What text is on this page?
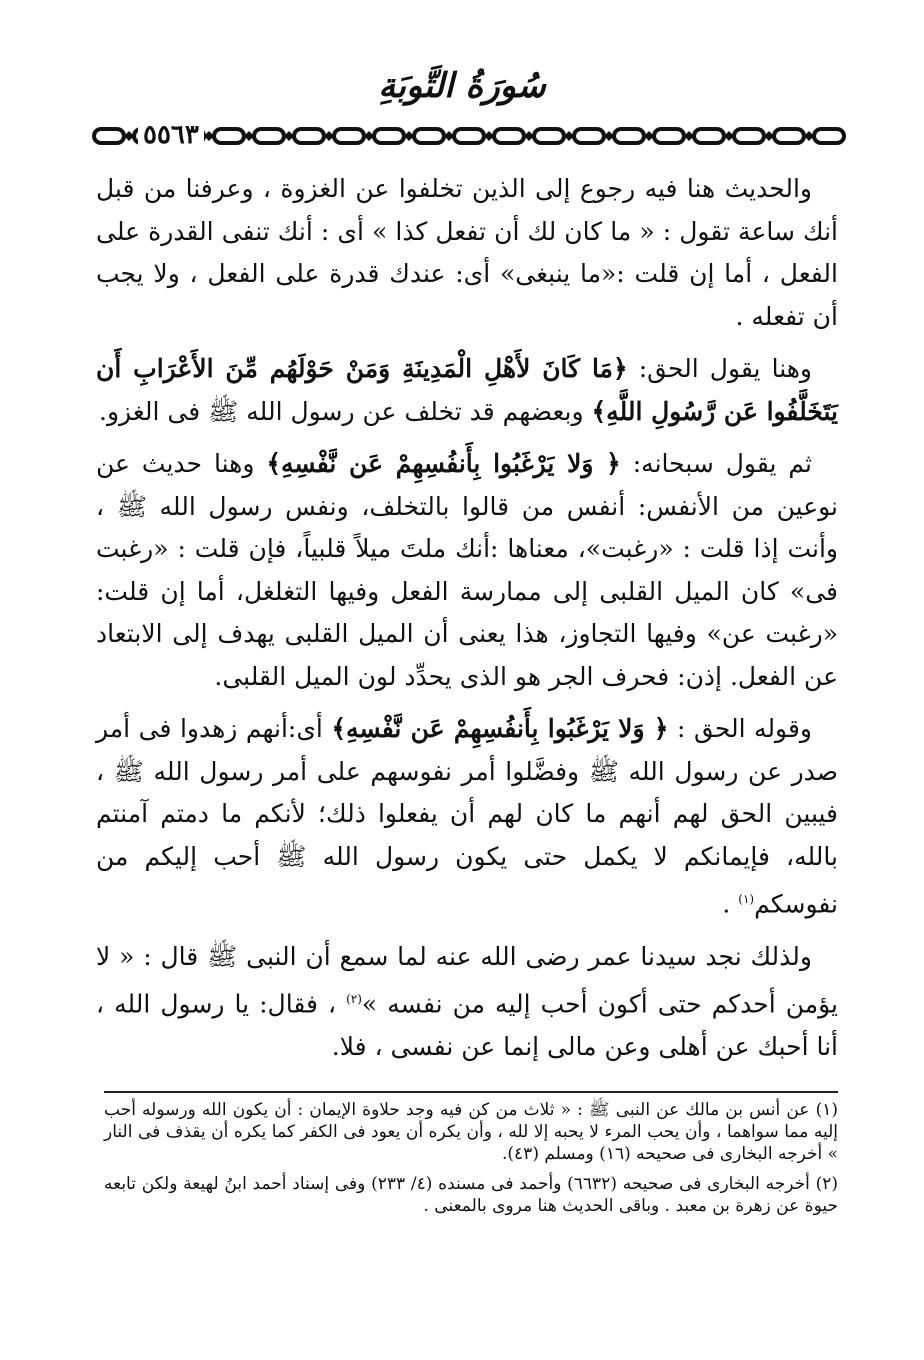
سُورَةُ التَّوبَةِ
٥٥٦٣

والحديث هنا فيه رجوع إلى الذين تخلفوا عن الغزوة ، وعرفنا من قبل أنك ساعة تقول : « ما كان لك أن تفعل كذا » أى : أنك تنفى القدرة على الفعل ، أما إن قلت :«ما ينبغى» أى: عندك قدرة على الفعل ، ولا يجب أن تفعله .

وهنا يقول الحق: ﴿مَا كَانَ لأَهْلِ الْمَدِينَةِ وَمَنْ حَوْلَهُم مِّنَ الأَعْرَابِ أَن يَتَخَلَّفُوا عَن رَّسُولِ اللَّهِ﴾ وبعضهم قد تخلف عن رسول الله ﷺ فى الغزو.

ثم يقول سبحانه: ﴿ وَلا يَرْغَبُوا بِأَنفُسِهِمْ عَن نَّفْسِهِ﴾ وهنا حديث عن نوعين من الأنفس: أنفس من قالوا بالتخلف، ونفس رسول الله ﷺ ، وأنت إذا قلت : «رغبت»، معناها :أنك ملتَ ميلاً قلبياً، فإن قلت : «رغبت فى» كان الميل القلبى إلى ممارسة الفعل وفيها التغلغل، أما إن قلت: «رغبت عن» وفيها التجاوز، هذا يعنى أن الميل القلبى يهدف إلى الابتعاد عن الفعل. إذن: فحرف الجر هو الذى يحدِّد لون الميل القلبى.

وقوله الحق : ﴿ وَلا يَرْغَبُوا بِأَنفُسِهِمْ عَن نَّفْسِهِ﴾ أى:أنهم زهدوا فى أمر صدر عن رسول الله ﷺ وفضَّلوا أمر نفوسهم على أمر رسول الله ﷺ ، فيبين الحق لهم أنهم ما كان لهم أن يفعلوا ذلك؛ لأنكم ما دمتم آمنتم بالله، فإيمانكم لا يكمل حتى يكون رسول الله ﷺ أحب إليكم من نفوسكم$^{(١)}$ .

ولذلك نجد سيدنا عمر رضى الله عنه لما سمع أن النبى ﷺ قال : « لا يؤمن أحدكم حتى أكون أحب إليه من نفسه »$^{(٢)}$ ، فقال: يا رسول الله ، أنا أحبك عن أهلى وعن مالى إنما عن نفسى ، فلا.

(١) عن أنس بن مالك عن النبى ﷺ : « ثلاث من كن فيه وجد حلاوة الإيمان : أن يكون الله ورسوله أحب إليه مما سواهما ، وأن يحب المرء لا يحبه إلا لله ، وأن يكره أن يعود فى الكفر كما يكره أن يقذف فى النار » أخرجه البخارى فى صحيحه (١٦) ومسلم (٤٣).

(٢) أخرجه البخارى فى صحيحه (٦٦٣٢) وأحمد فى مسنده (٤/ ٢٣٣) وفى إسناد أحمد ابنُ لهيعة ولكن تابعه حيوة عن زهرة بن معبد . وباقى الحديث هنا مروى بالمعنى .
